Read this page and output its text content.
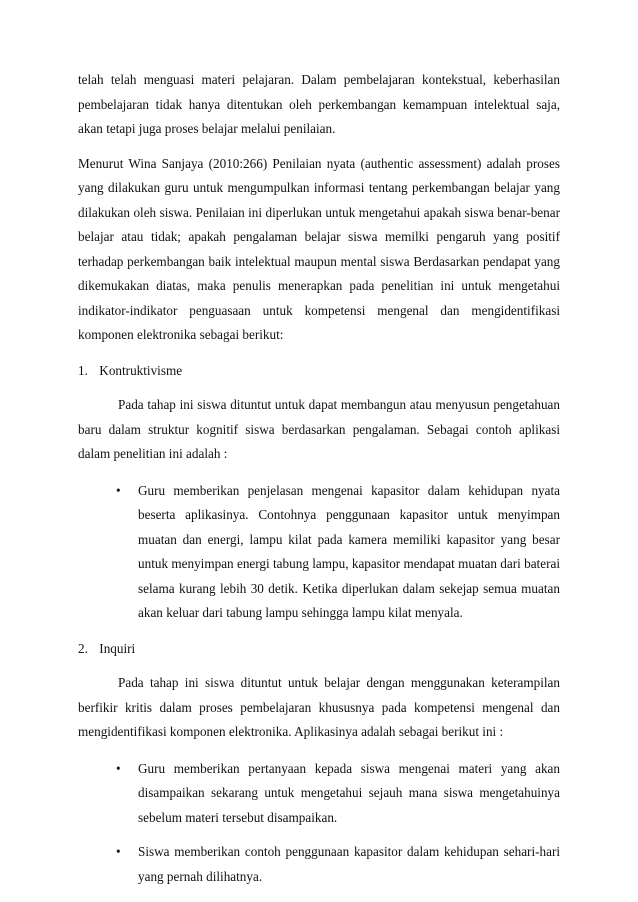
telah telah menguasi materi pelajaran. Dalam pembelajaran kontekstual, keberhasilan pembelajaran tidak hanya ditentukan oleh perkembangan kemampuan intelektual saja, akan tetapi juga proses belajar melalui penilaian.

Menurut Wina Sanjaya (2010:266) Penilaian nyata (authentic assessment) adalah proses yang dilakukan guru untuk mengumpulkan informasi tentang perkembangan belajar yang dilakukan oleh siswa. Penilaian ini diperlukan untuk mengetahui apakah siswa benar-benar belajar atau tidak; apakah pengalaman belajar siswa memilki pengaruh yang positif terhadap perkembangan baik intelektual maupun mental siswa Berdasarkan pendapat yang dikemukakan diatas, maka penulis menerapkan pada penelitian ini untuk mengetahui indikator-indikator penguasaan untuk kompetensi mengenal dan mengidentifikasi komponen elektronika sebagai berikut:

1. Kontruktivisme

Pada tahap ini siswa dituntut untuk dapat membangun atau menyusun pengetahuan baru dalam struktur kognitif siswa berdasarkan pengalaman. Sebagai contoh aplikasi dalam penelitian ini adalah :

• Guru memberikan penjelasan mengenai kapasitor dalam kehidupan nyata beserta aplikasinya. Contohnya penggunaan kapasitor untuk menyimpan muatan dan energi, lampu kilat pada kamera memiliki kapasitor yang besar untuk menyimpan energi tabung lampu, kapasitor mendapat muatan dari baterai selama kurang lebih 30 detik. Ketika diperlukan dalam sekejap semua muatan akan keluar dari tabung lampu sehingga lampu kilat menyala.
2. Inquiri

Pada tahap ini siswa dituntut untuk belajar dengan menggunakan keterampilan berfikir kritis dalam proses pembelajaran khususnya pada kompetensi mengenal dan mengidentifikasi komponen elektronika. Aplikasinya adalah sebagai berikut ini :

• Guru memberikan pertanyaan kepada siswa mengenai materi yang akan disampaikan sekarang untuk mengetahui sejauh mana siswa mengetahuinya sebelum materi tersebut disampaikan.
• Siswa memberikan contoh penggunaan kapasitor dalam kehidupan sehari-hari yang pernah dilihatnya.
